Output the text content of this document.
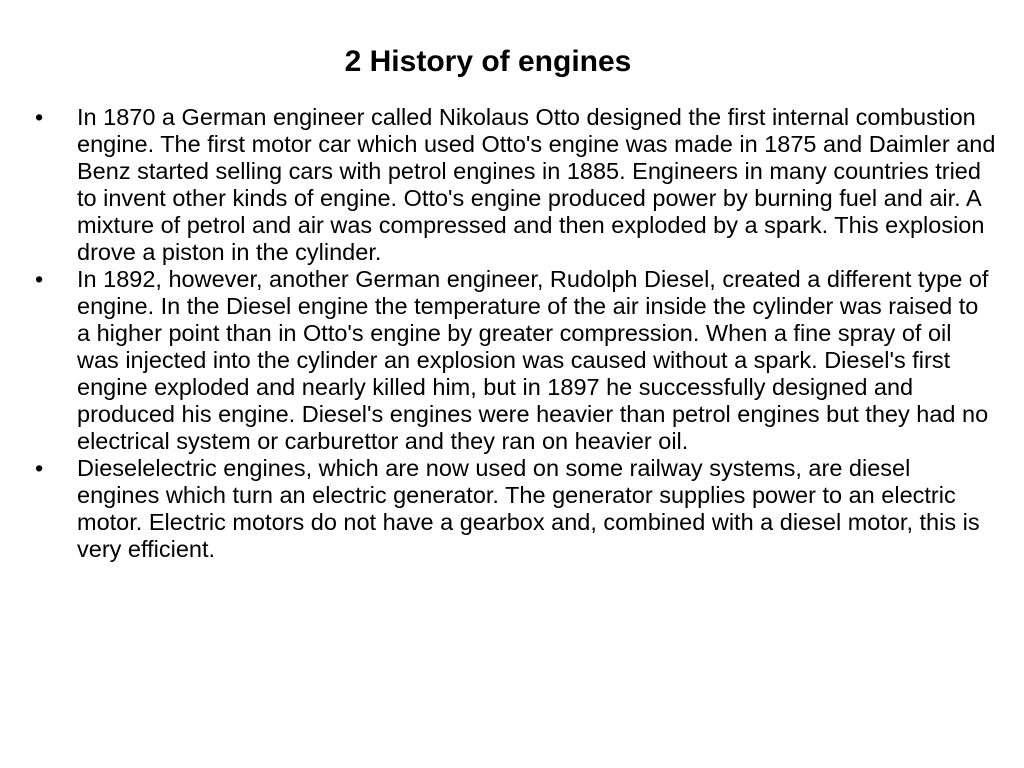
2 History of engines
•	In 1870 a German engineer called Nikolaus Otto designed the first internal combustion engine. The first motor car which used Otto's engine was made in 1875 and Daimler and Benz started selling cars with petrol engines in 1885. Engineers in many countries tried to invent other kinds of engine. Otto's engine produced power by burning fuel and air. A mixture of petrol and air was compressed and then exploded by a spark. This explosion drove a piston in the cylinder.
•	In 1892, however, another German engineer, Rudolph Diesel, created a different type of engine. In the Diesel engine the temperature of the air inside the cylinder was raised to a higher point than in Otto's engine by greater compression. When a fine spray of oil was injected into the cylinder an explosion was caused without a spark. Diesel's first engine exploded and nearly killed him, but in 1897 he successfully designed and produced his engine. Diesel's engines were heavier than petrol engines but they had no electrical system or carburettor and they ran on heavier oil.
•	Dieselelectric engines, which are now used on some railway systems, are diesel engines which turn an electric generator. The generator supplies power to an electric motor. Electric motors do not have a gearbox and, combined with a diesel motor, this is very efficient.
